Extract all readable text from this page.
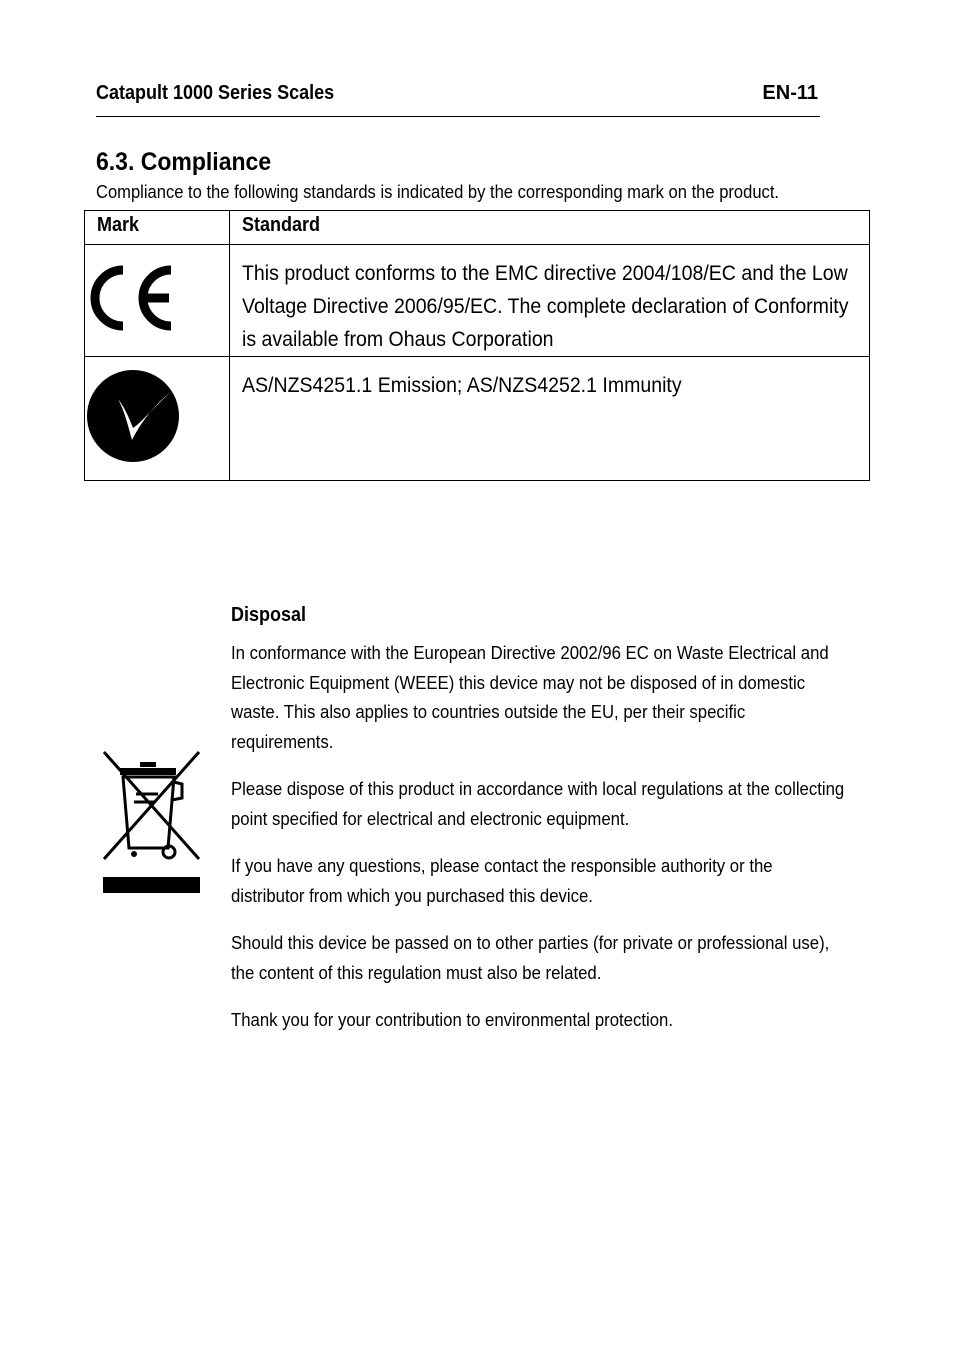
Catapult 1000 Series Scales	EN-11
6.3. Compliance
Compliance to the following standards is indicated by the corresponding mark on the product.
Mark	Standard

This product conforms to the EMC directive 2004/108/EC and the Low Voltage Directive 2006/95/EC. The complete declaration of Conformity is available from Ohaus Corporation

AS/NZS4251.1 Emission; AS/NZS4252.1 Immunity
Disposal

In conformance with the European Directive 2002/96 EC on Waste Electrical and Electronic Equipment (WEEE) this device may not be disposed of in domestic waste. This also applies to countries outside the EU, per their specific requirements.

Please dispose of this product in accordance with local regulations at the collecting point specified for electrical and electronic equipment.

If you have any questions, please contact the responsible authority or the distributor from which you purchased this device.

Should this device be passed on to other parties (for private or professional use), the content of this regulation must also be related.

Thank you for your contribution to environmental protection.
